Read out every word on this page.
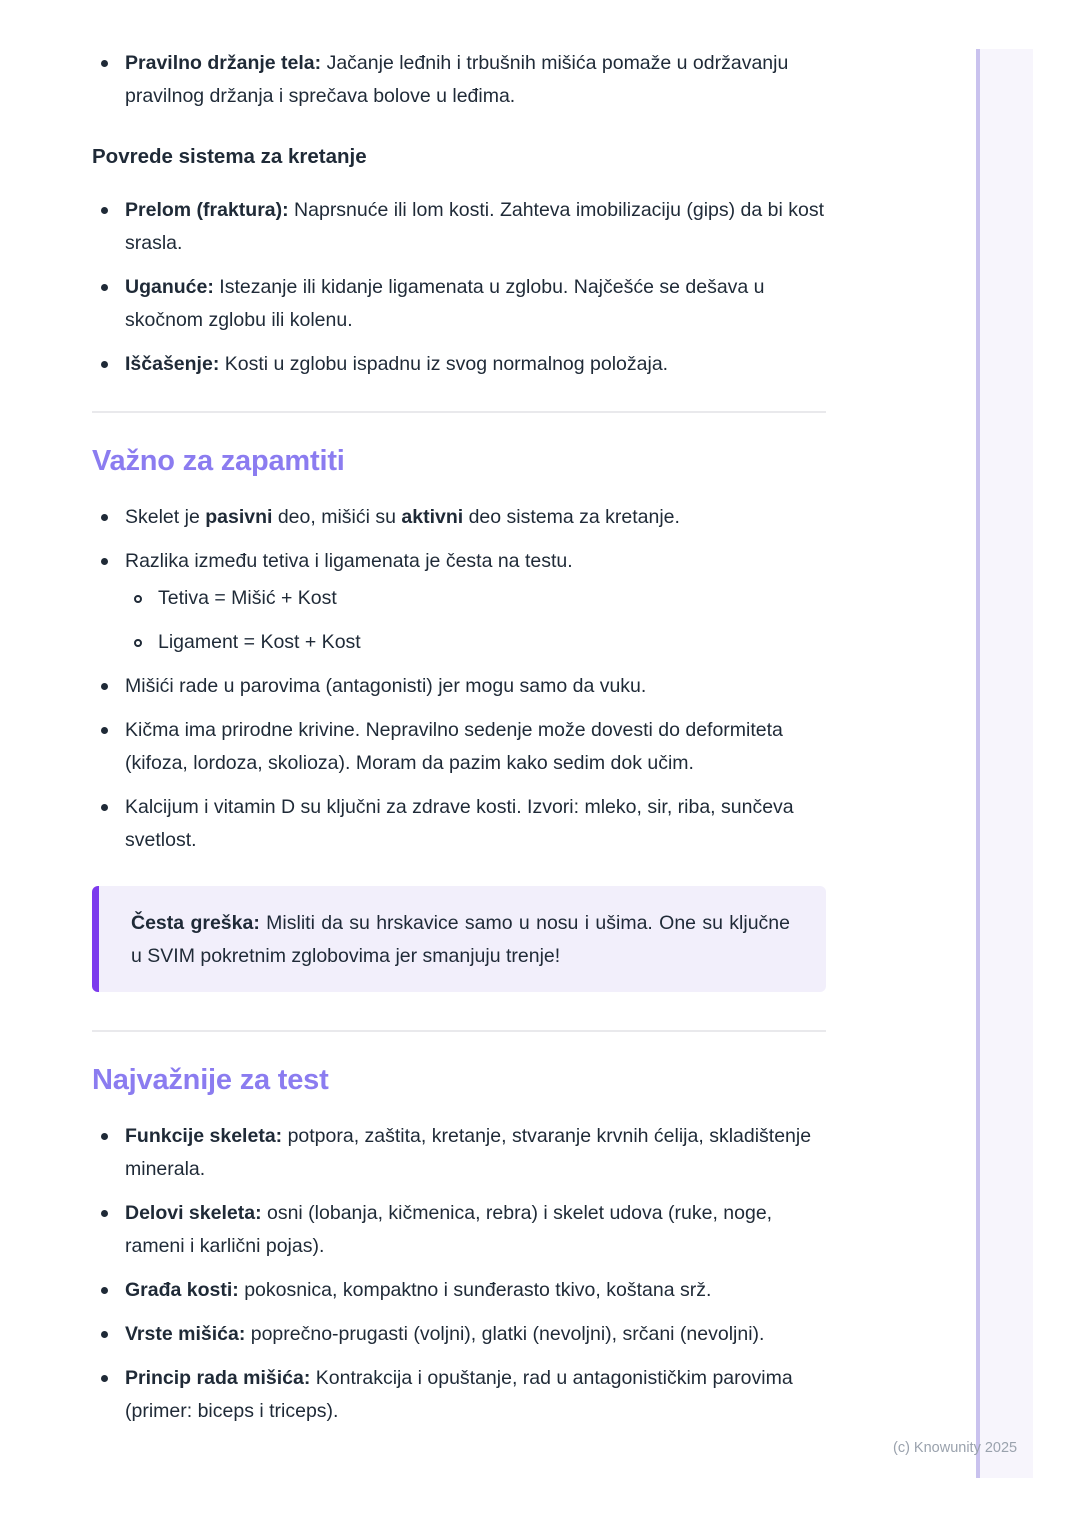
Pravilno držanje tela: Jačanje leđnih i trbušnih mišića pomaže u održavanju pravilnog držanja i sprečava bolove u leđima.
Povrede sistema za kretanje
Prelom (fraktura): Naprsnuće ili lom kosti. Zahteva imobilizaciju (gips) da bi kost srasla.
Uganuće: Istezanje ili kidanje ligamenata u zglobu. Najčešće se dešava u skočnom zglobu ili kolenu.
Iščašenje: Kosti u zglobu ispadnu iz svog normalnog položaja.
Važno za zapamtiti
Skelet je pasivni deo, mišići su aktivni deo sistema za kretanje.
Razlika između tetiva i ligamenata je česta na testu.
Tetiva = Mišić + Kost
Ligament = Kost + Kost
Mišići rade u parovima (antagonisti) jer mogu samo da vuku.
Kičma ima prirodne krivine. Nepravilno sedenje može dovesti do deformiteta (kifoza, lordoza, skolioza). Moram da pazim kako sedim dok učim.
Kalcijum i vitamin D su ključni za zdrave kosti. Izvori: mleko, sir, riba, sunčeva svetlost.

Česta greška: Misliti da su hrskavice samo u nosu i ušima. One su ključne u SVIM pokretnim zglobovima jer smanjuju trenje!

Najvažnije za test
Funkcije skeleta: potpora, zaštita, kretanje, stvaranje krvnih ćelija, skladištenje minerala.
Delovi skeleta: osni (lobanja, kičmenica, rebra) i skelet udova (ruke, noge, rameni i karlični pojas).
Građa kosti: pokosnica, kompaktno i sunđerasto tkivo, koštana srž.
Vrste mišića: poprečno-prugasti (voljni), glatki (nevoljni), srčani (nevoljni).
Princip rada mišića: Kontrakcija i opuštanje, rad u antagonističkim parovima (primer: biceps i triceps).
(c) Knowunity 2025
